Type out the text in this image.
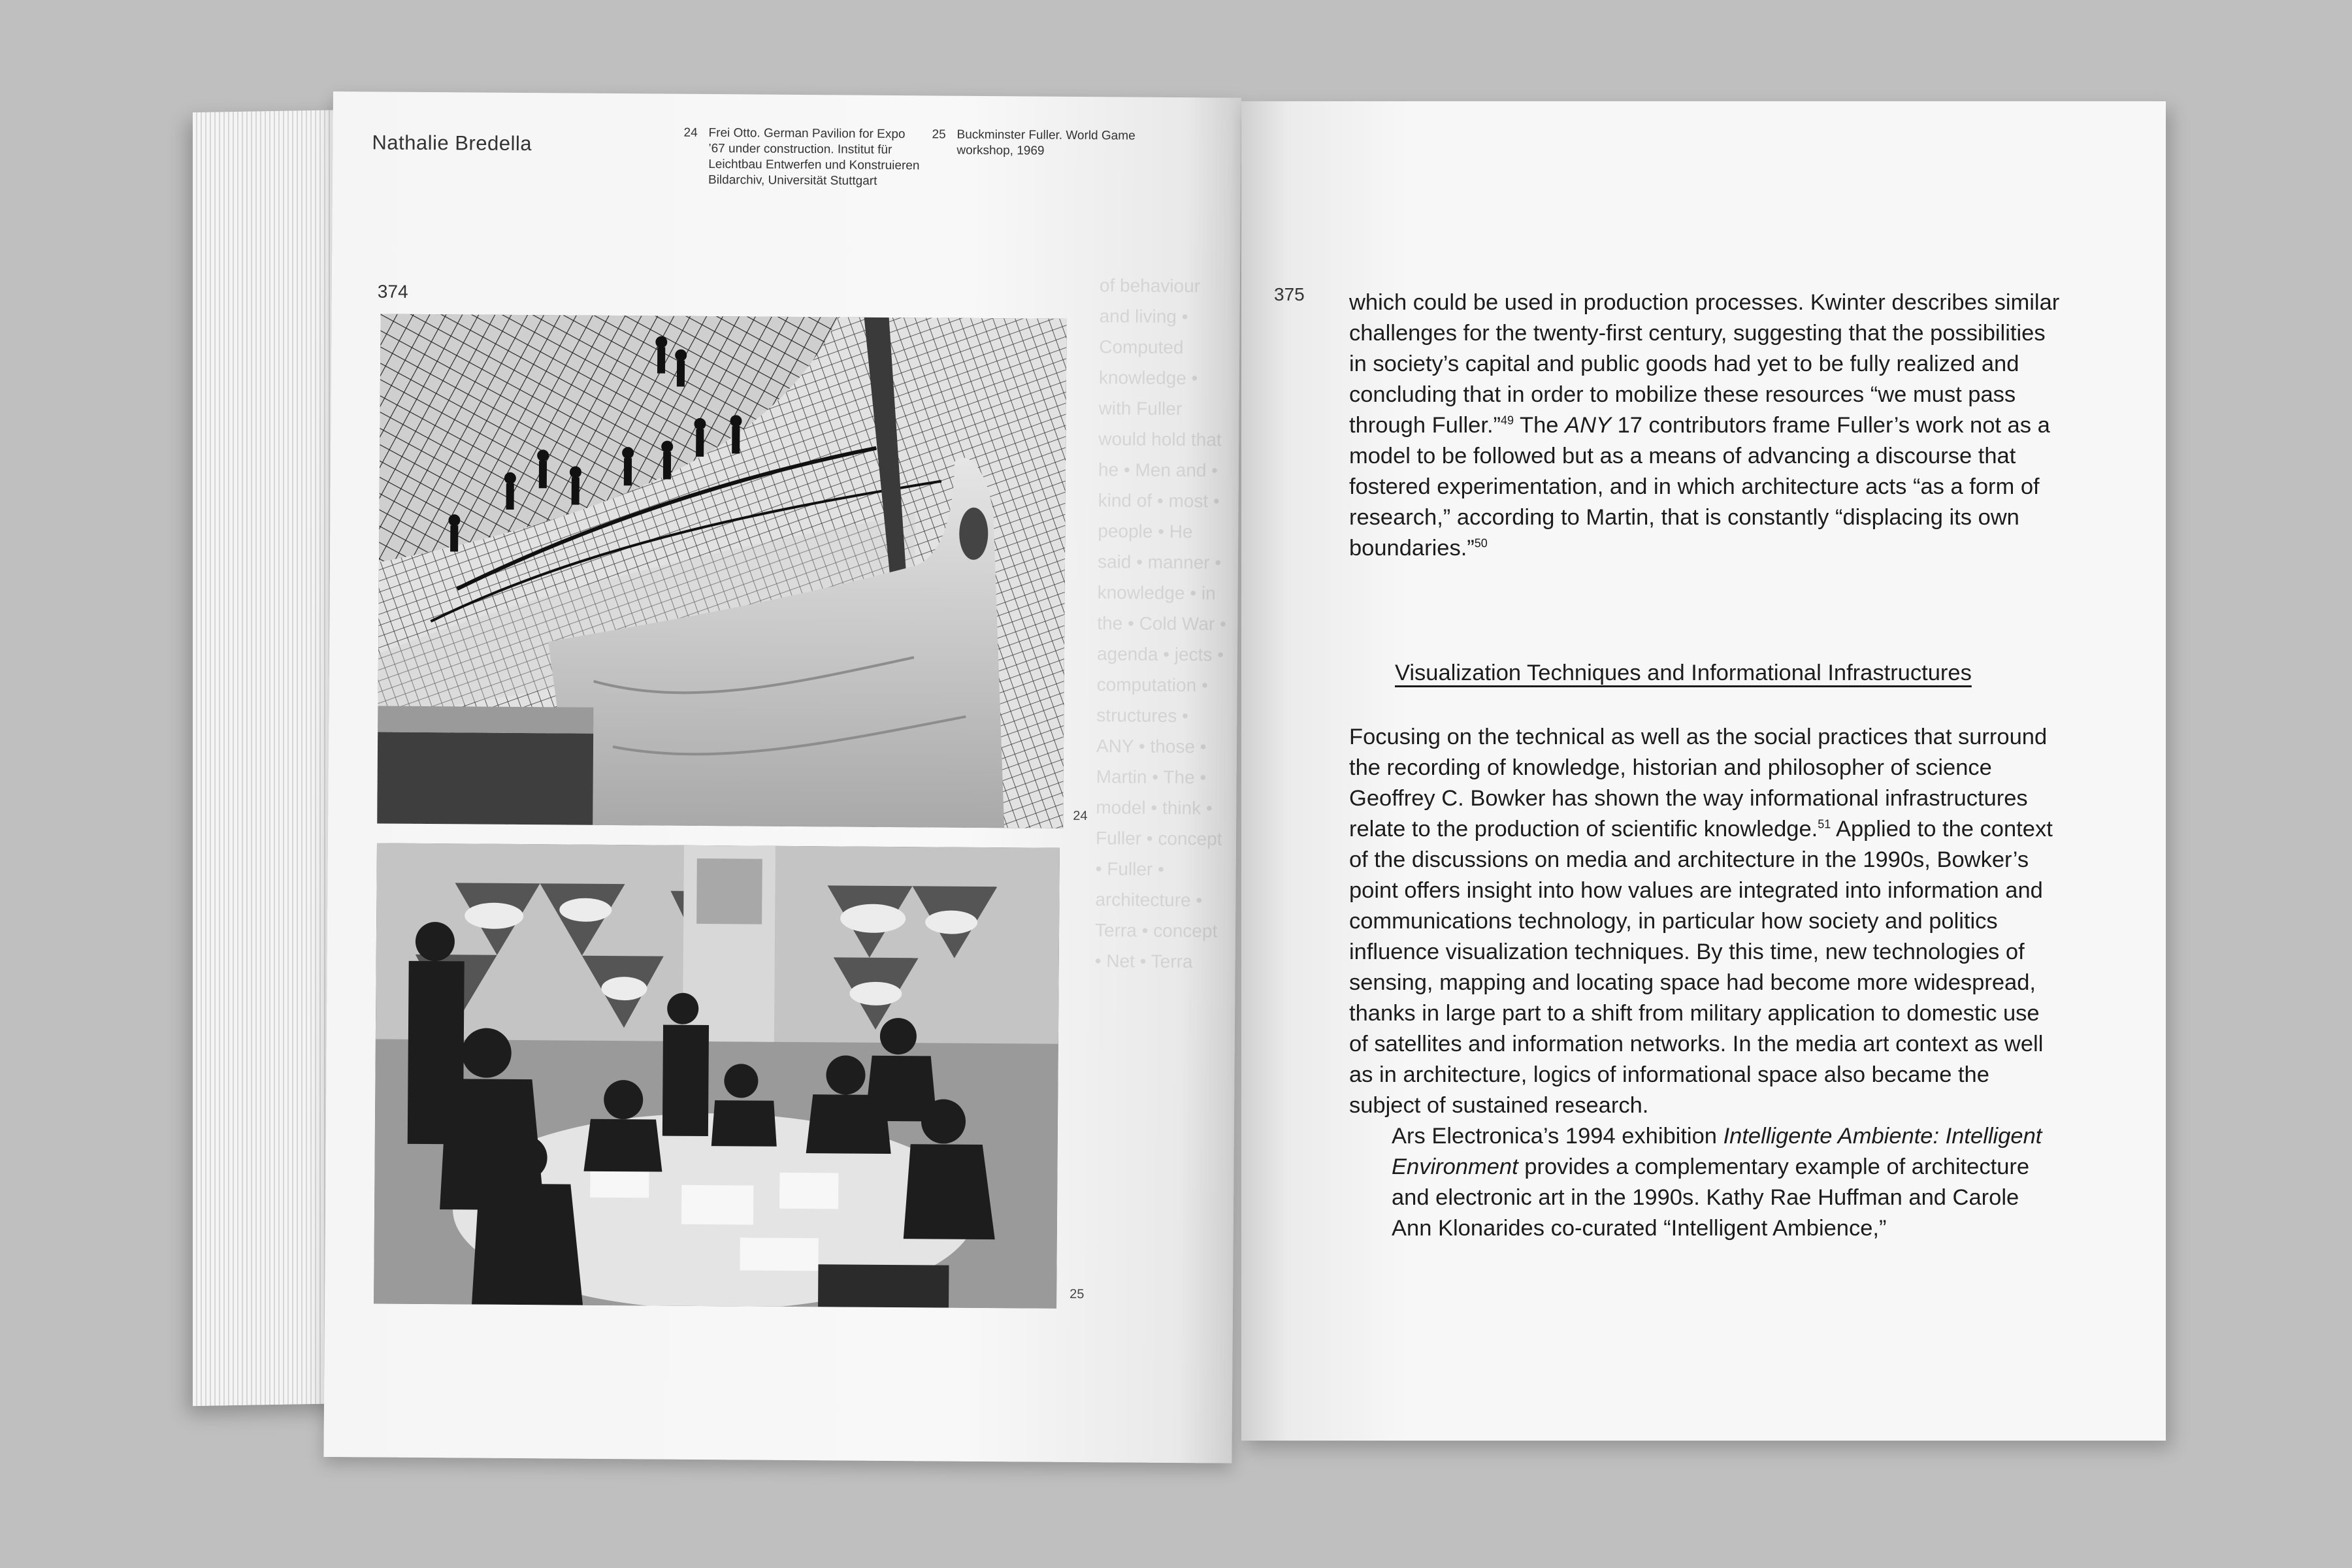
Nathalie Bredella	24 Frei Otto. German Pavilion for Expo ’67 under construction. Institut für Leichtbau Entwerfen und Konstruieren Bildarchiv, Universität Stuttgart
25 Buckminster Fuller. World Game workshop, 1969
374
24
25
of behaviour and living • Computed knowledge • with Fuller would hold that he • Men and • kind of • most • people • He said • manner • knowledge • in the • Cold War • agenda • jects • computation • structures • ANY • those • Martin • The • model • think • Fuller • concept • Fuller • architecture • Terra • concept • Net • Terra
375 which could be used in production processes. Kwinter describes similar challenges for the twenty-first century, suggesting that the possibilities in society’s capital and public goods had yet to be fully realized and concluding that in order to mobilize these resources “we must pass through Fuller.”$^{49}$ The ANY 17 contributors frame Fuller’s work not as a model to be followed but as a means of advancing a discourse that fostered experimentation, and in which architecture acts “as a form of research,” according to Martin, that is constantly “displacing its own boundaries.”$^{50}$

Visualization Techniques and Informational Infrastructures

Focusing on the technical as well as the social practices that surround the recording of knowledge, historian and philosopher of science Geoffrey C. Bowker has shown the way informational infrastructures relate to the production of scientific knowledge.$^{51}$ Applied to the context of the discussions on media and architecture in the 1990s, Bowker’s point offers insight into how values are integrated into information and communications technology, in particular how society and politics influence visualization techniques. By this time, new technologies of sensing, mapping and locating space had become more widespread, thanks in large part to a shift from military application to domestic use of satellites and information networks. In the media art context as well as in architecture, logics of informational space also became the subject of sustained research.

Ars Electronica’s 1994 exhibition Intelligente Ambiente: Intelligent Environment provides a complementary example of architecture and electronic art in the 1990s. Kathy Rae Huffman and Carole Ann Klonarides co-curated “Intelligent Ambience,”
